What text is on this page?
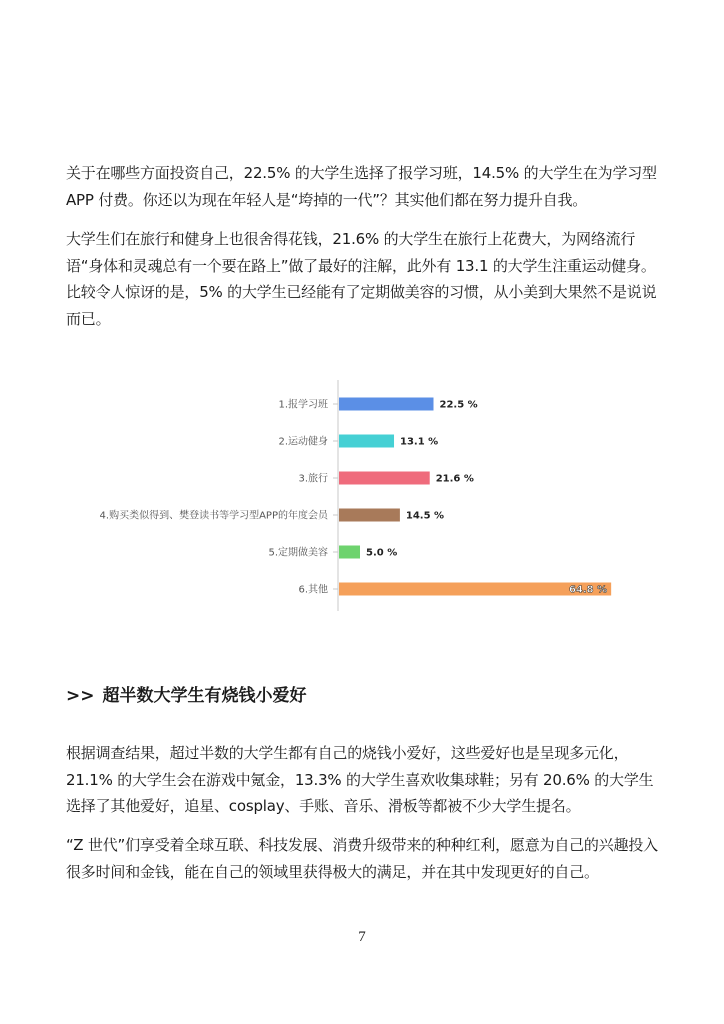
关于在哪些方面投资自己，22.5% 的大学生选择了报学习班，14.5% 的大学生在为学习型 APP 付费。你还以为现在年轻人是“垮掉的一代”？其实他们都在努力提升自我。

大学生们在旅行和健身上也很舍得花钱，21.6% 的大学生在旅行上花费大，为网络流行语“身体和灵魂总有一个要在路上”做了最好的注解，此外有 13.1 的大学生注重运动健身。比较令人惊讶的是，5% 的大学生已经能有了定期做美容的习惯，从小美到大果然不是说说而已。

1.报学习班
2.运动健身
3.旅行
4.购买类似得到、樊登读书等学习型APP的年度会员
5.定期做美容
6.其他
22.5 %
13.1 %
21.6 %
14.5 %
5.0 %
64.8 %
>> 超半数大学生有烧钱小爱好

根据调查结果，超过半数的大学生都有自己的烧钱小爱好，这些爱好也是呈现多元化，21.1% 的大学生会在游戏中氪金，13.3% 的大学生喜欢收集球鞋；另有 20.6% 的大学生选择了其他爱好，追星、cosplay、手账、音乐、滑板等都被不少大学生提名。

“Z 世代”们享受着全球互联、科技发展、消费升级带来的种种红利，愿意为自己的兴趣投入很多时间和金钱，能在自己的领域里获得极大的满足，并在其中发现更好的自己。

7
